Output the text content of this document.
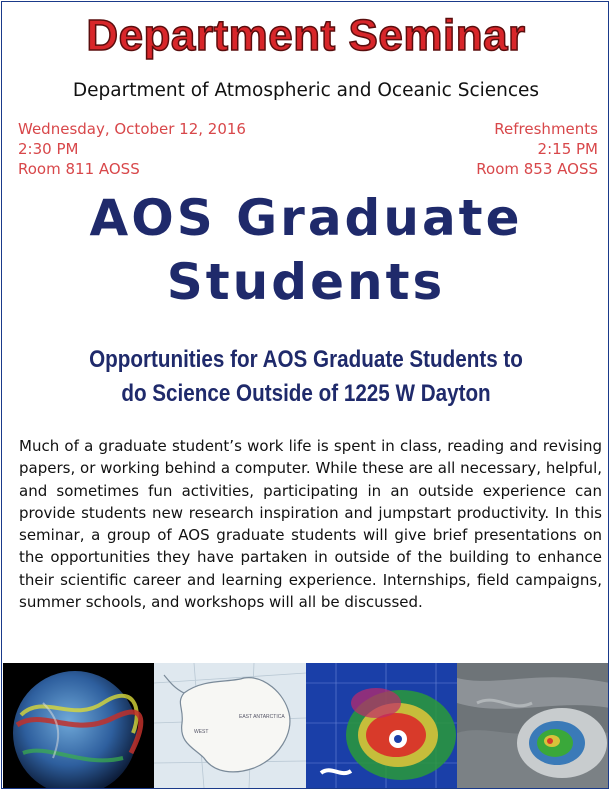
Department Seminar
Department of Atmospheric and Oceanic Sciences
Wednesday, October 12, 2016
2:30 PM
Room 811 AOSS
Refreshments
2:15 PM
Room 853 AOSS
AOS Graduate
Students
Opportunities for AOS Graduate Students to
do Science Outside of 1225 W Dayton
Much of a graduate student’s work life is spent in class, reading and revising papers, or working behind a computer. While these are all necessary, helpful, and sometimes fun activities, participating in an outside experience can provide students new research inspiration and jumpstart productivity. In this seminar, a group of AOS graduate students will give brief presentations on the opportunities they have partaken in outside of the building to enhance their scientific career and learning experience. Internships, field campaigns, summer schools, and workshops will all be discussed.
EAST ANTARCTICA
WEST
